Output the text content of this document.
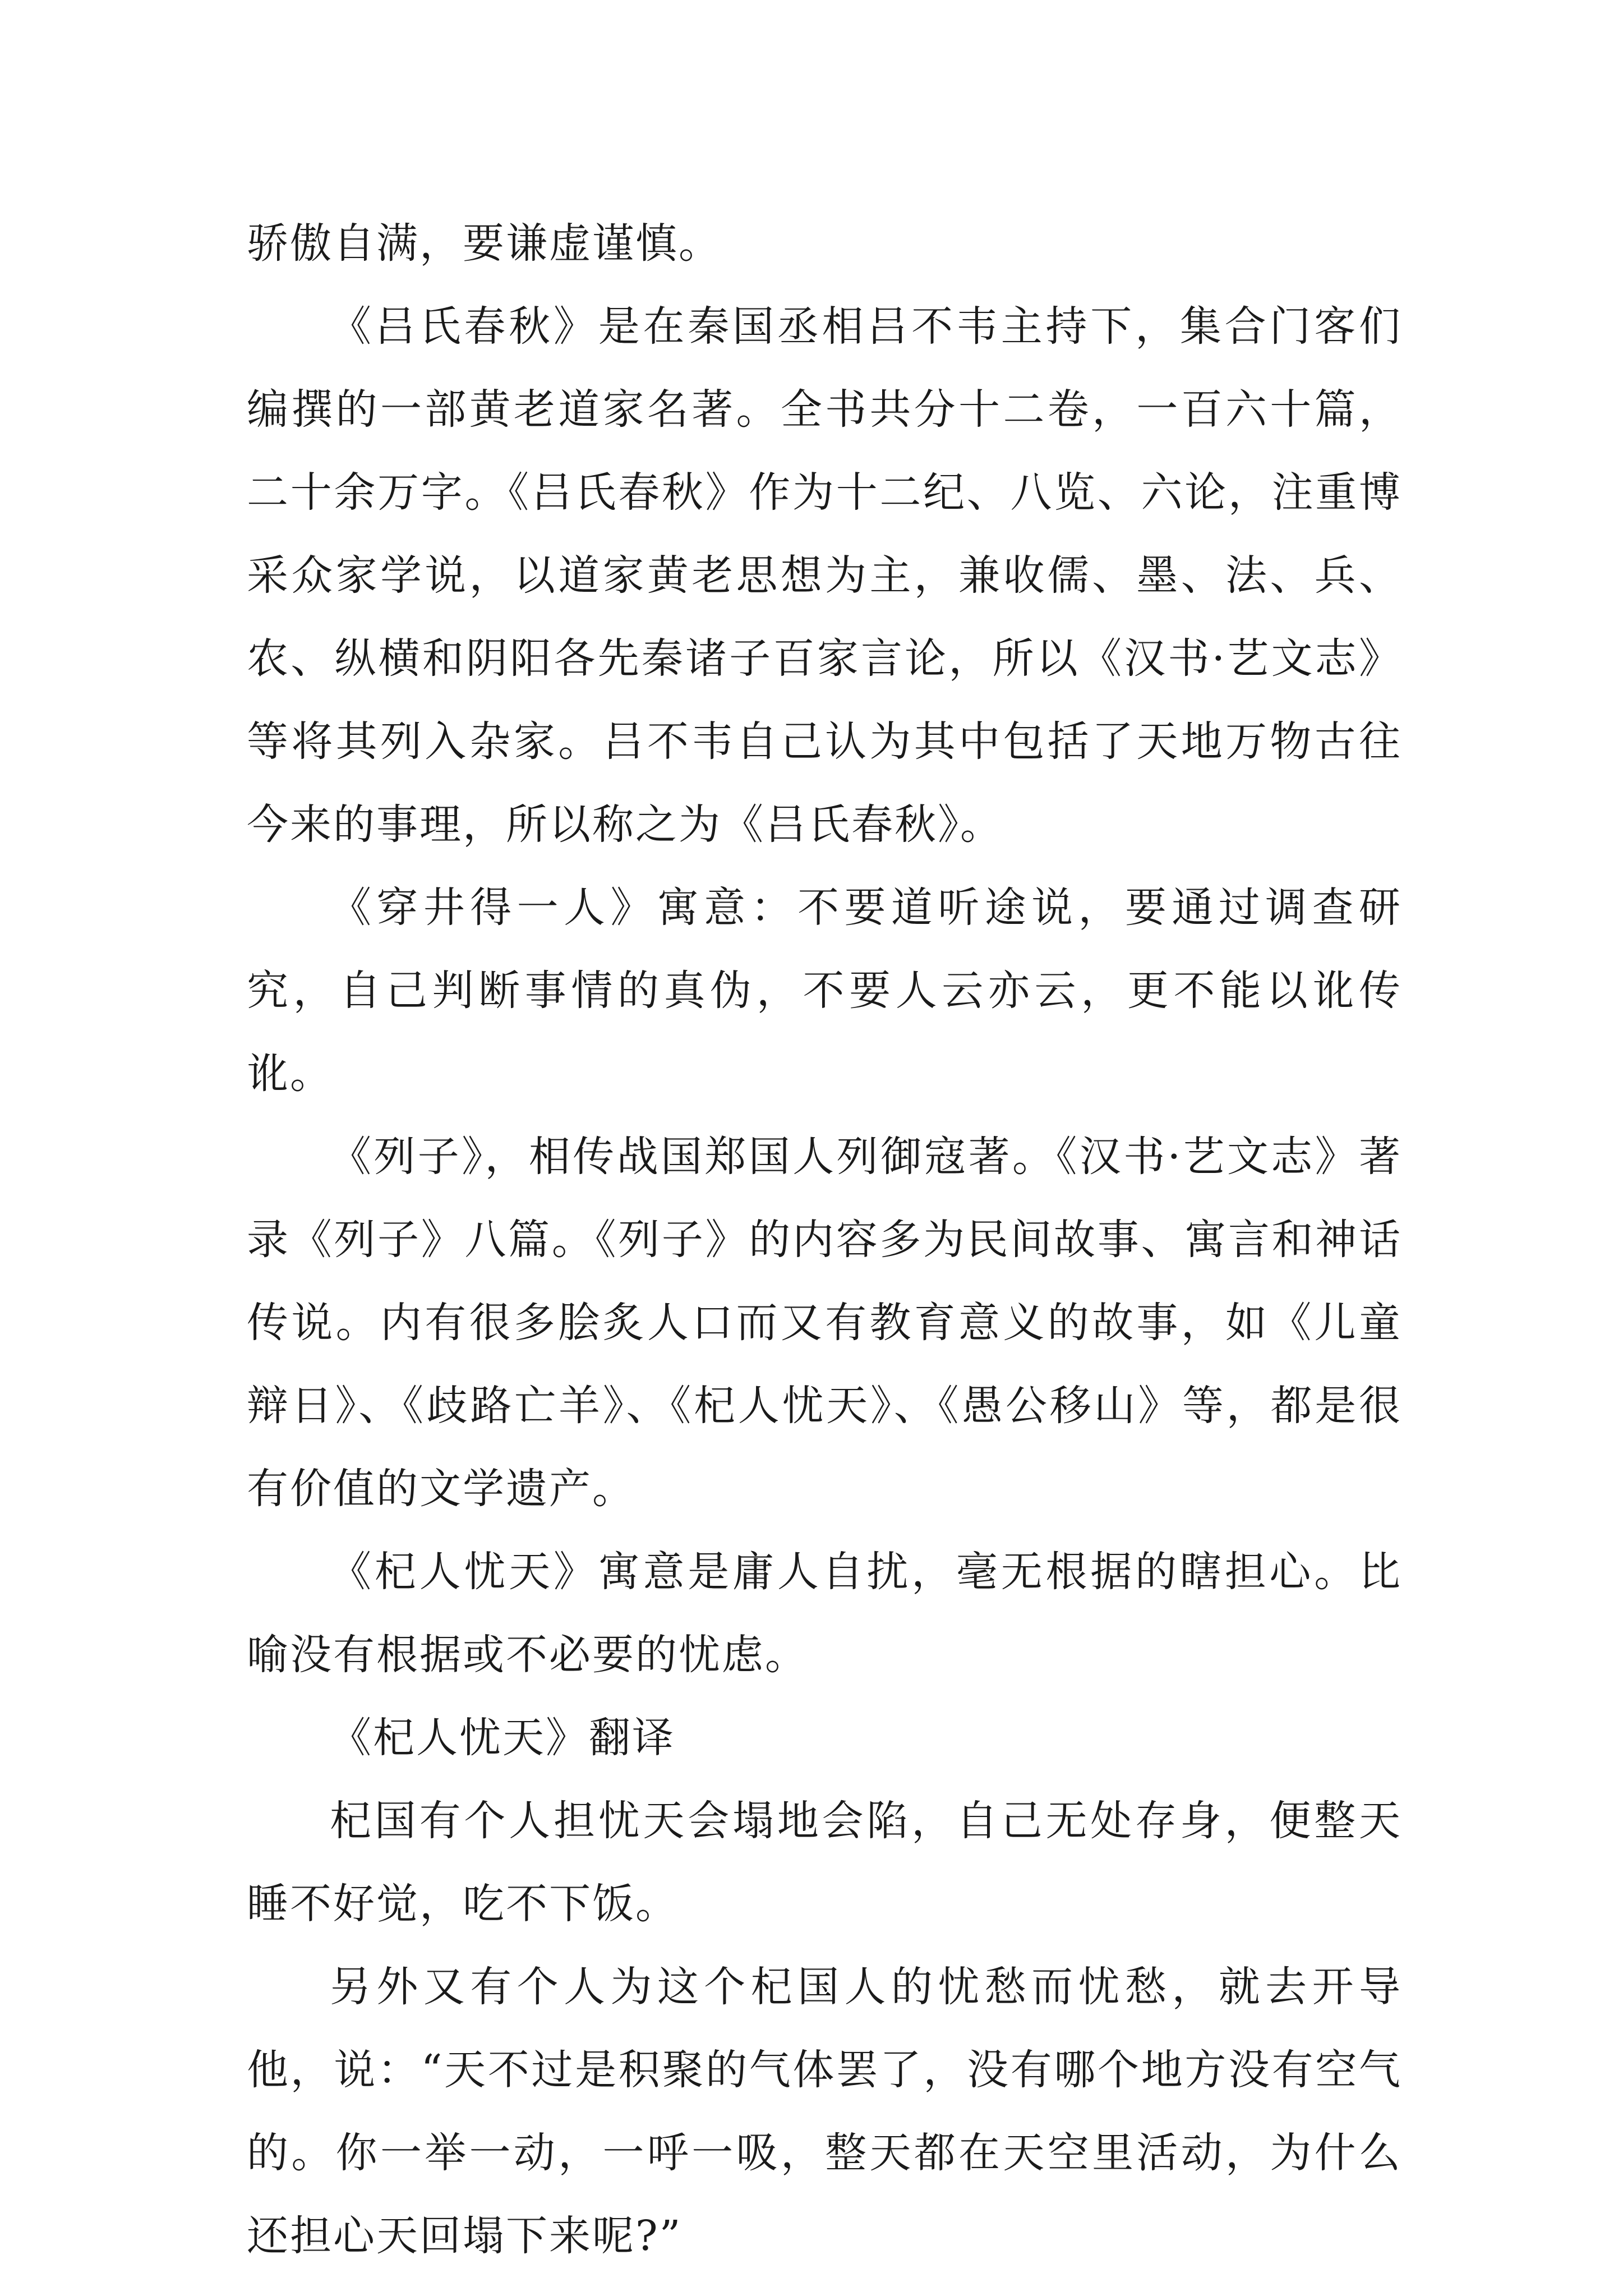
骄傲自满，要谦虚谨慎。

《吕氏春秋》是在秦国丞相吕不韦主持下，集合门客们编撰的一部黄老道家名著。全书共分十二卷，一百六十篇，二十余万字。《吕氏春秋》作为十二纪、八览、六论，注重博采众家学说，以道家黄老思想为主，兼收儒、墨、法、兵、农、纵横和阴阳各先秦诸子百家言论，所以《汉书·艺文志》等将其列入杂家。吕不韦自己认为其中包括了天地万物古往今来的事理，所以称之为《吕氏春秋》。

《穿井得一人》寓意：不要道听途说，要通过调查研究，自己判断事情的真伪，不要人云亦云，更不能以讹传讹。

《列子》，相传战国郑国人列御寇著。《汉书·艺文志》著录《列子》八篇。《列子》的内容多为民间故事、寓言和神话传说。内有很多脍炙人口而又有教育意义的故事，如《儿童辩日》、《歧路亡羊》、《杞人忧天》、《愚公移山》等，都是很有价值的文学遗产。

《杞人忧天》寓意是庸人自扰，毫无根据的瞎担心。比喻没有根据或不必要的忧虑。

《杞人忧天》翻译

杞国有个人担忧天会塌地会陷，自己无处存身，便整天睡不好觉，吃不下饭。

另外又有个人为这个杞国人的忧愁而忧愁，就去开导他，说：“天不过是积聚的气体罢了，没有哪个地方没有空气的。你一举一动，一呼一吸，整天都在天空里活动，为什么还担心天回塌下来呢?”
